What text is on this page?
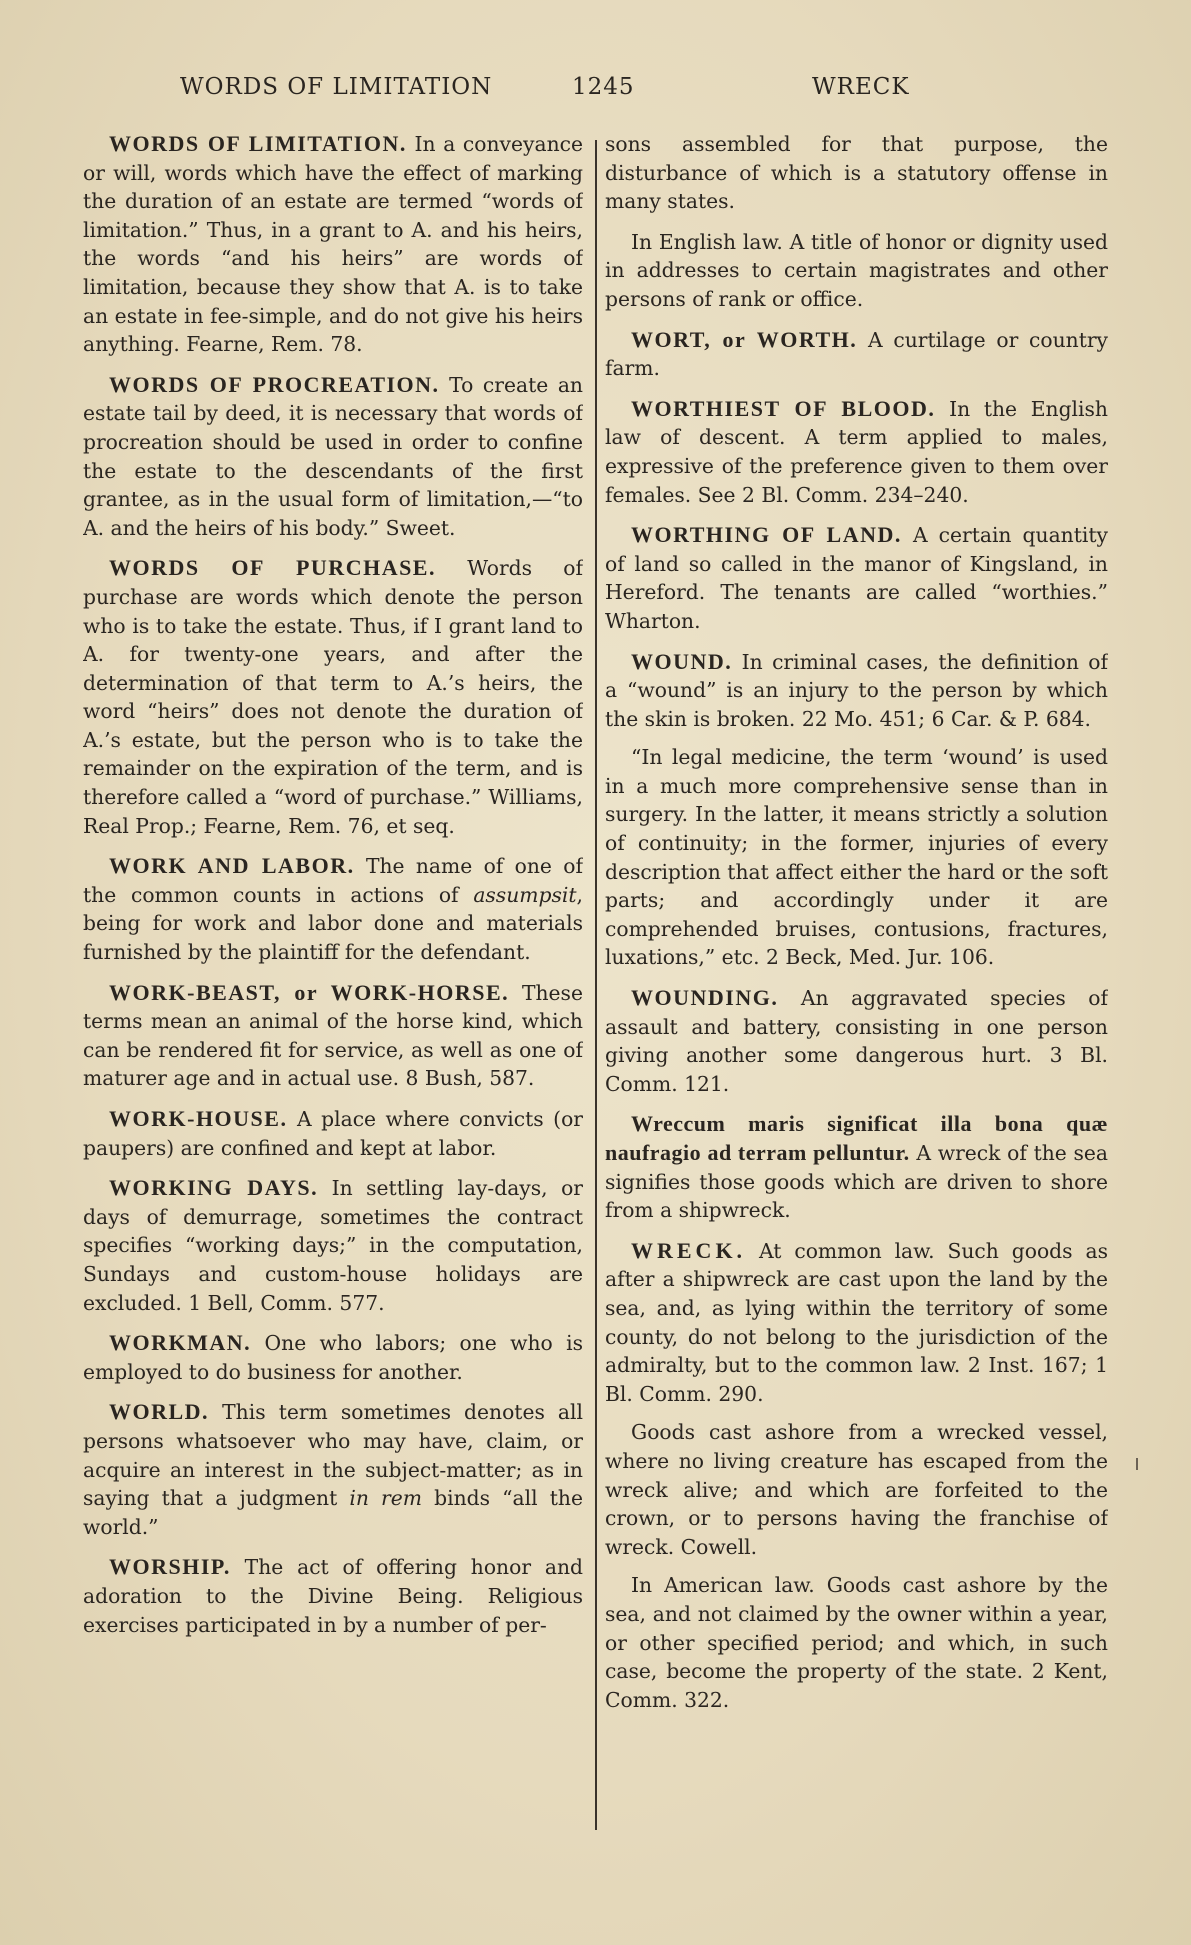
WORDS OF LIMITATION	1245	WRECK

WORDS OF LIMITATION. In a conveyance or will, words which have the effect of marking the duration of an estate are termed “words of limitation.” Thus, in a grant to A. and his heirs, the words “and his heirs” are words of limitation, because they show that A. is to take an estate in fee-simple, and do not give his heirs anything. Fearne, Rem. 78.

WORDS OF PROCREATION. To create an estate tail by deed, it is necessary that words of procreation should be used in order to confine the estate to the descendants of the first grantee, as in the usual form of limitation,—“to A. and the heirs of his body.” Sweet.

WORDS OF PURCHASE. Words of purchase are words which denote the person who is to take the estate. Thus, if I grant land to A. for twenty-one years, and after the determination of that term to A.’s heirs, the word “heirs” does not denote the duration of A.’s estate, but the person who is to take the remainder on the expiration of the term, and is therefore called a “word of purchase.” Williams, Real Prop.; Fearne, Rem. 76, et seq.

WORK AND LABOR. The name of one of the common counts in actions of assumpsit, being for work and labor done and materials furnished by the plaintiff for the defendant.

WORK-BEAST, or WORK-HORSE. These terms mean an animal of the horse kind, which can be rendered fit for service, as well as one of maturer age and in actual use. 8 Bush, 587.

WORK-HOUSE. A place where convicts (or paupers) are confined and kept at labor.

WORKING DAYS. In settling lay-days, or days of demurrage, sometimes the contract specifies “working days;” in the computation, Sundays and custom-house holidays are excluded. 1 Bell, Comm. 577.

WORKMAN. One who labors; one who is employed to do business for another.

WORLD. This term sometimes denotes all persons whatsoever who may have, claim, or acquire an interest in the subject-matter; as in saying that a judgment in rem binds “all the world.”

WORSHIP. The act of offering honor and adoration to the Divine Being. Religious exercises participated in by a number of per-

sons assembled for that purpose, the disturbance of which is a statutory offense in many states.

In English law. A title of honor or dignity used in addresses to certain magistrates and other persons of rank or office.

WORT, or WORTH. A curtilage or country farm.

WORTHIEST OF BLOOD. In the English law of descent. A term applied to males, expressive of the preference given to them over females. See 2 Bl. Comm. 234–240.

WORTHING OF LAND. A certain quantity of land so called in the manor of Kingsland, in Hereford. The tenants are called “worthies.” Wharton.

WOUND. In criminal cases, the definition of a “wound” is an injury to the person by which the skin is broken. 22 Mo. 451; 6 Car. & P. 684.

“In legal medicine, the term ‘wound’ is used in a much more comprehensive sense than in surgery. In the latter, it means strictly a solution of continuity; in the former, injuries of every description that affect either the hard or the soft parts; and accordingly under it are comprehended bruises, contusions, fractures, luxations,” etc. 2 Beck, Med. Jur. 106.

WOUNDING. An aggravated species of assault and battery, consisting in one person giving another some dangerous hurt. 3 Bl. Comm. 121.

Wreccum maris significat illa bona quæ naufragio ad terram pelluntur. A wreck of the sea signifies those goods which are driven to shore from a shipwreck.

WRECK. At common law. Such goods as after a shipwreck are cast upon the land by the sea, and, as lying within the territory of some county, do not belong to the jurisdiction of the admiralty, but to the common law. 2 Inst. 167; 1 Bl. Comm. 290.

Goods cast ashore from a wrecked vessel, where no living creature has escaped from the wreck alive; and which are forfeited to the crown, or to persons having the franchise of wreck. Cowell.

In American law. Goods cast ashore by the sea, and not claimed by the owner within a year, or other specified period; and which, in such case, become the property of the state. 2 Kent, Comm. 322.
